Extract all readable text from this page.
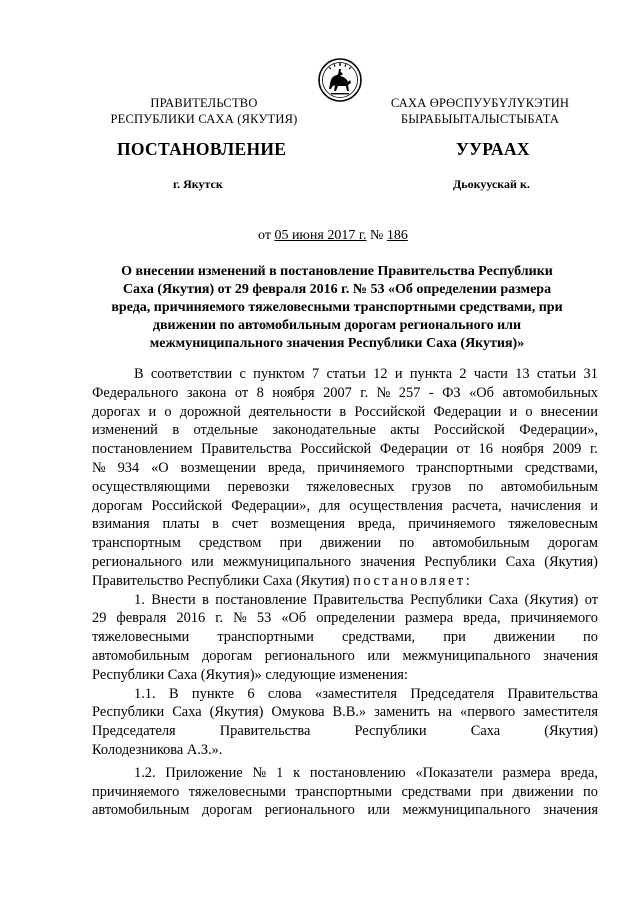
ПРАВИТЕЛЬСТВО
РЕСПУБЛИКИ САХА (ЯКУТИЯ)
САХА ӨРӨСПУУБҮЛҮКЭТИН
БЫРАБЫЫТАЛЫСТЫБАТА
ПОСТАНОВЛЕНИЕ	УУРААХ
г. Якутск	Дьокуускай к.
от 05 июня 2017 г. № 186
О внесении изменений в постановление Правительства Республики
Саха (Якутия) от 29 февраля 2016 г. № 53 «Об определении размера
вреда, причиняемого тяжеловесными транспортными средствами, при
движении по автомобильным дорогам регионального или
межмуниципального значения Республики Саха (Якутия)»
В соответствии с пунктом 7 статьи 12 и пункта 2 части 13 статьи 31
Федерального закона от 8 ноября 2007 г. № 257 - ФЗ «Об автомобильных
дорогах и о дорожной деятельности в Российской Федерации и о внесении
изменений в отдельные законодательные акты Российской Федерации»,
постановлением Правительства Российской Федерации от 16 ноября 2009 г.
№ 934 «О возмещении вреда, причиняемого транспортными средствами,
осуществляющими перевозки тяжеловесных грузов по автомобильным
дорогам Российской Федерации», для осуществления расчета, начисления и
взимания платы в счет возмещения вреда, причиняемого тяжеловесным
транспортным средством при движении по автомобильным дорогам
регионального или межмуниципального значения Республики Саха (Якутия)
Правительство Республики Саха (Якутия)
постановляет:
1. Внести в постановление Правительства Республики Саха (Якутия) от
29 февраля 2016 г. № 53 «Об определении размера вреда, причиняемого
тяжеловесными транспортными средствами, при движении по
автомобильным дорогам регионального или межмуниципального значения
Республики Саха (Якутия)» следующие изменения:
1.1. В пункте 6 слова «заместителя Председателя Правительства
Республики Саха (Якутия) Омукова В.В.» заменить на «первого заместителя
Председателя	Правительства	Республики	Саха	(Якутия)
Колодезникова А.З.».
1.2. Приложение № 1 к постановлению «Показатели размера вреда,
причиняемого тяжеловесными транспортными средствами при движении по
автомобильным дорогам регионального или межмуниципального значения
